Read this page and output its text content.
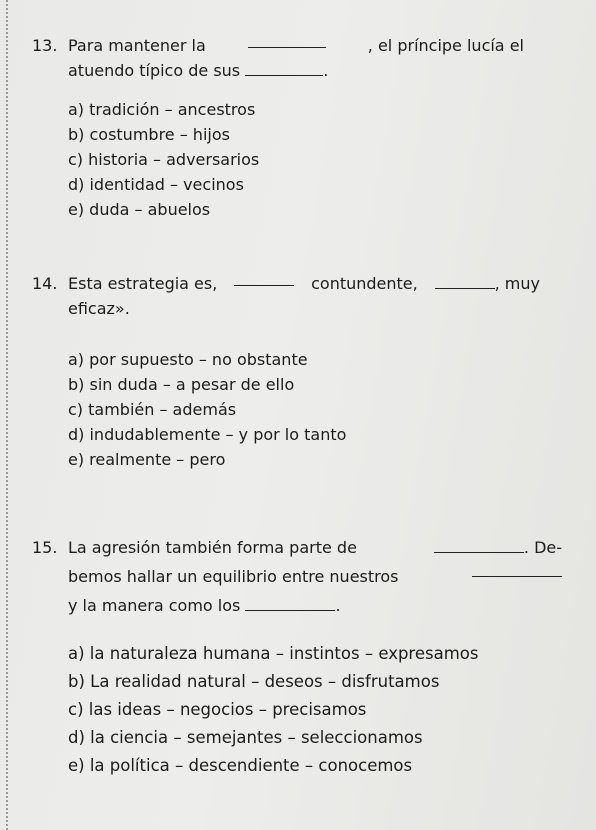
13. Para mantener la	, el príncipe lucía el
atuendo típico de sus	.
a) tradición – ancestros
b) costumbre – hijos
c) historia – adversarios
d) identidad – vecinos
e) duda – abuelos
14. Esta estrategia es,	contundente,	, muy
eficaz».
a) por supuesto – no obstante
b) sin duda – a pesar de ello
c) también – además
d) indudablemente – y por lo tanto
e) realmente – pero
15. La agresión también forma parte de	. De-
bemos hallar un equilibrio entre nuestros
y la manera como los	.
a) la naturaleza humana – instintos – expresamos
b) La realidad natural – deseos – disfrutamos
c) las ideas – negocios – precisamos
d) la ciencia – semejantes – seleccionamos
e) la política – descendiente – conocemos
